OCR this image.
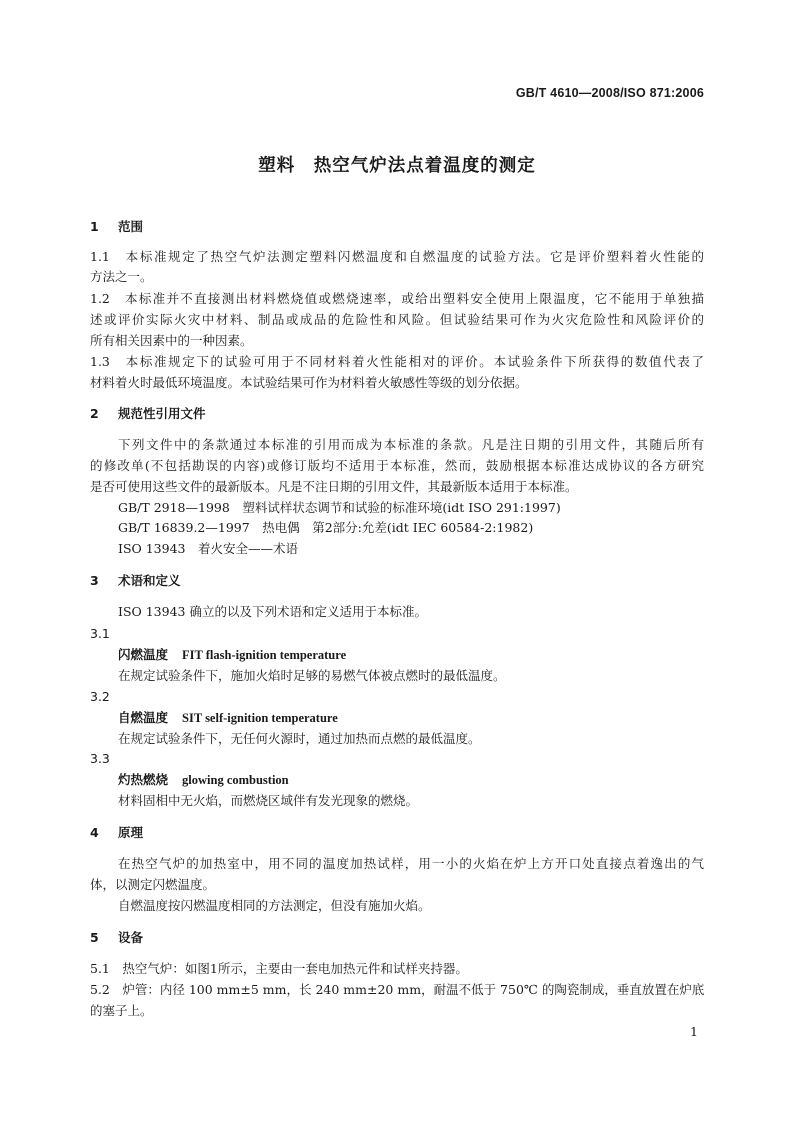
GB/T 4610—2008/ISO 871:2006
塑料　热空气炉法点着温度的测定
1 范围
1.1　本标准规定了热空气炉法测定塑料闪燃温度和自燃温度的试验方法。它是评价塑料着火性能的
方法之一。
1.2　本标准并不直接测出材料燃烧值或燃烧速率，或给出塑料安全使用上限温度，它不能用于单独描
述或评价实际火灾中材料、制品或成品的危险性和风险。但试验结果可作为火灾危险性和风险评价的
所有相关因素中的一种因素。
1.3　本标准规定下的试验可用于不同材料着火性能相对的评价。本试验条件下所获得的数值代表了
材料着火时最低环境温度。本试验结果可作为材料着火敏感性等级的划分依据。
2 规范性引用文件
下列文件中的条款通过本标准的引用而成为本标准的条款。凡是注日期的引用文件，其随后所有
的修改单(不包括勘误的内容)或修订版均不适用于本标准，然而，鼓励根据本标准达成协议的各方研究
是否可使用这些文件的最新版本。凡是不注日期的引用文件，其最新版本适用于本标准。
GB/T 2918—1998　 塑料试样状态调节和试验的标准环境(idt ISO 291:1997)
GB/T 16839.2—1997　 热电偶　第2部分:允差(idt IEC 60584-2:1982)
ISO 13943　 着火安全——术语
3 术语和定义
ISO 13943 确立的以及下列术语和定义适用于本标准。
3.1
闪燃温度 FIT flash-ignition temperature
在规定试验条件下，施加火焰时足够的易燃气体被点燃时的最低温度。
3.2
自燃温度 SIT self-ignition temperature
在规定试验条件下，无任何火源时，通过加热而点燃的最低温度。
3.3
灼热燃烧 glowing combustion
材料固相中无火焰，而燃烧区域伴有发光现象的燃烧。
4 原理
在热空气炉的加热室中，用不同的温度加热试样，用一小的火焰在炉上方开口处直接点着逸出的气
体，以测定闪燃温度。
自燃温度按闪燃温度相同的方法测定，但没有施加火焰。
5 设备
5.1　热空气炉：如图1所示，主要由一套电加热元件和试样夹持器。
5.2　炉管：内径 100 mm±5 mm，长 240 mm±20 mm，耐温不低于 750℃ 的陶瓷制成，垂直放置在炉底
的塞子上。
1
